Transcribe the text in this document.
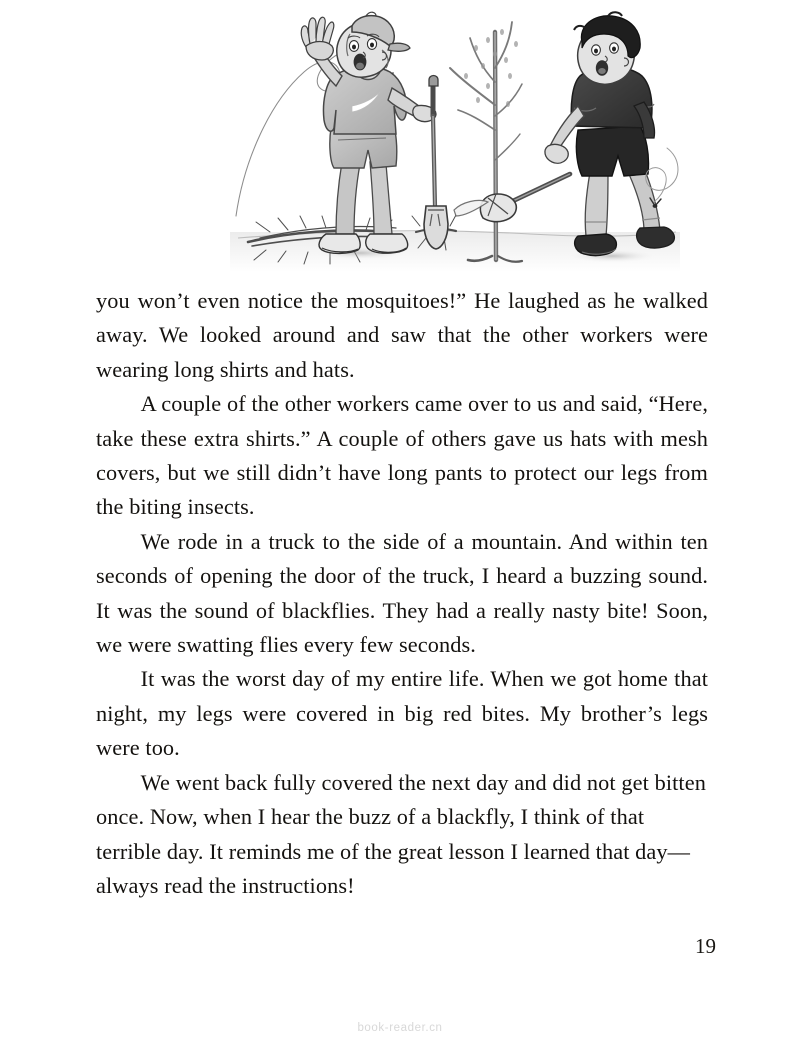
you won’t even notice the mosquitoes!” He laughed as he walked away. We looked around and saw that the other workers were wearing long shirts and hats.

A couple of the other workers came over to us and said, “Here, take these extra shirts.” A couple of others gave us hats with mesh covers, but we still didn’t have long pants to protect our legs from the biting insects.

We rode in a truck to the side of a mountain. And within ten seconds of opening the door of the truck, I heard a buzzing sound. It was the sound of blackflies. They had a really nasty bite! Soon, we were swatting flies every few seconds.

It was the worst day of my entire life. When we got home that night, my legs were covered in big red bites. My brother’s legs were too.

We went back fully covered the next day and did not get bitten once. Now, when I hear the buzz of a blackfly, I think of that terrible day. It reminds me of the great lesson I learned that day—always read the instructions!

19
book-reader.cn
